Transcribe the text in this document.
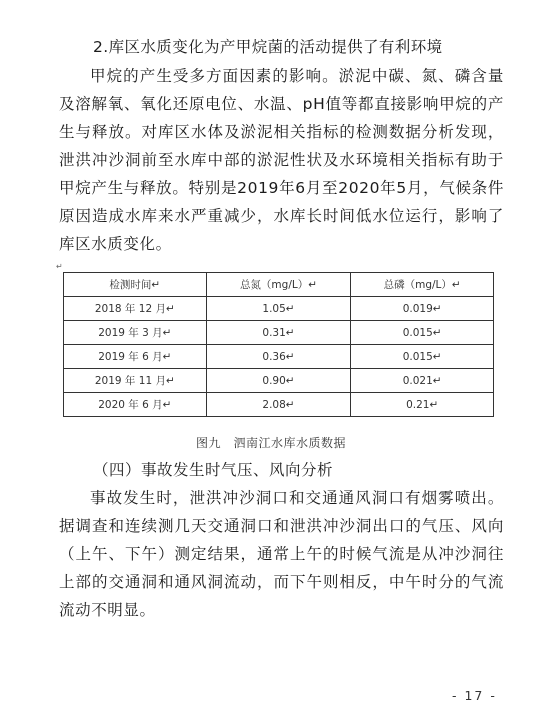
2.库区水质变化为产甲烷菌的活动提供了有利环境

甲烷的产生受多方面因素的影响。淤泥中碳、氮、磷含量及溶解氧、氧化还原电位、水温、pH值等都直接影响甲烷的产生与释放。对库区水体及淤泥相关指标的检测数据分析发现，泄洪冲沙洞前至水库中部的淤泥性状及水环境相关指标有助于甲烷产生与释放。特别是2019年6月至2020年5月，气候条件原因造成水库来水严重减少，水库长时间低水位运行，影响了库区水质变化。

↵
检测时间↵	总氮（mg/L）↵	总磷（mg/L）↵
2018 年 12 月↵	1.05↵	0.019↵
2019 年 3 月↵	0.31↵	0.015↵
2019 年 6 月↵	0.36↵	0.015↵
2019 年 11 月↵	0.90↵	0.021↵
2020 年 6 月↵	2.08↵	0.21↵
图九　泗南江水库水质数据
（四）事故发生时气压、风向分析

事故发生时，泄洪冲沙洞口和交通通风洞口有烟雾喷出。据调查和连续测几天交通洞口和泄洪冲沙洞出口的气压、风向（上午、下午）测定结果，通常上午的时候气流是从冲沙洞往上部的交通洞和通风洞流动，而下午则相反，中午时分的气流流动不明显。

- 17 -
